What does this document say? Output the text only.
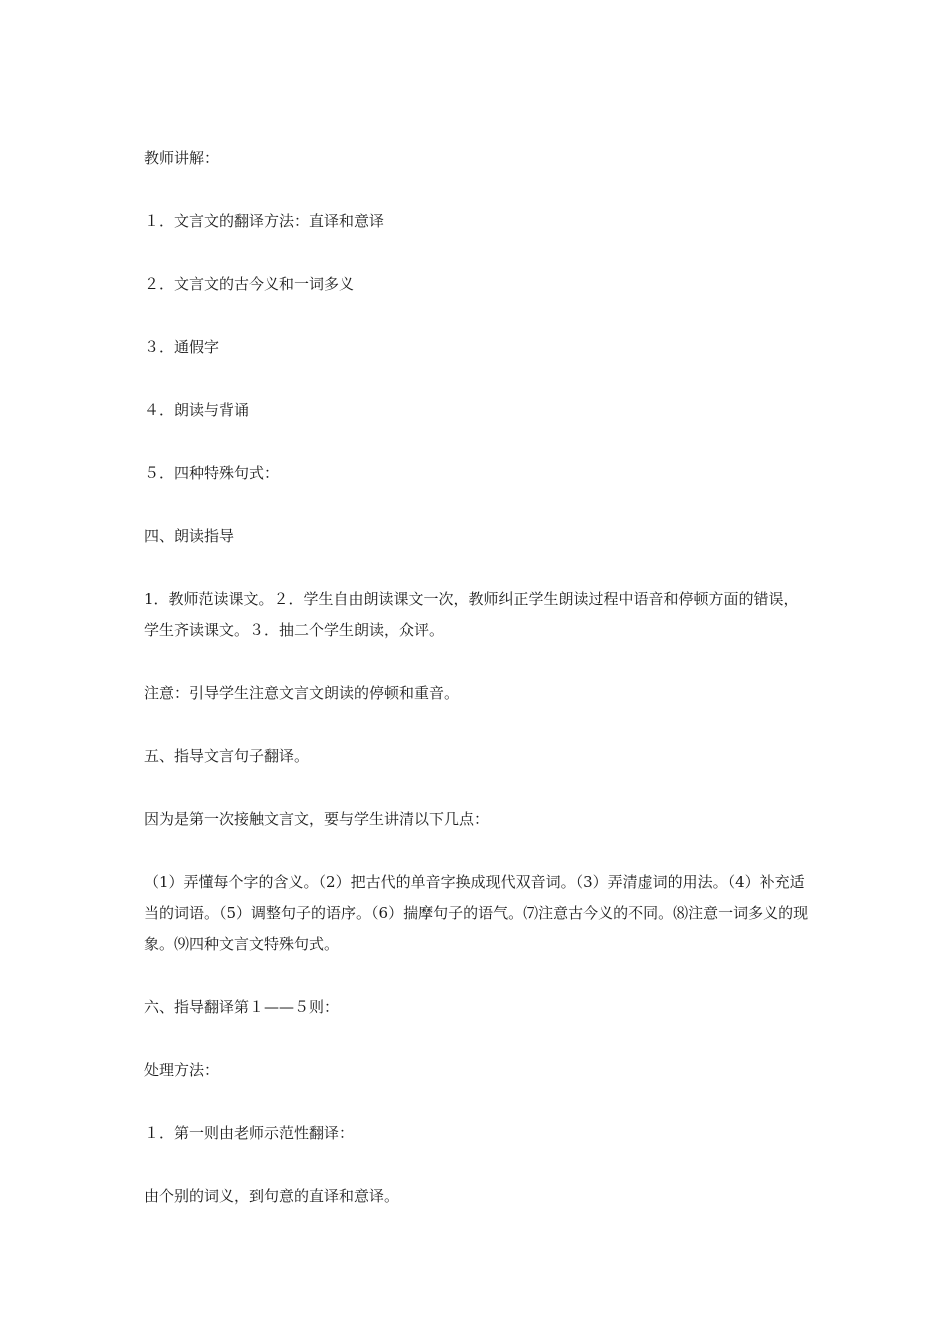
教师讲解：

１．文言文的翻译方法：直译和意译

２．文言文的古今义和一词多义

３．通假字

４．朗读与背诵

５．四种特殊句式：

四、朗读指导

1．教师范读课文。２．学生自由朗读课文一次，教师纠正学生朗读过程中语音和停顿方面的错误，学生齐读课文。３．抽二个学生朗读，众评。

注意：引导学生注意文言文朗读的停顿和重音。

五、指导文言句子翻译。

因为是第一次接触文言文，要与学生讲清以下几点：

（1）弄懂每个字的含义。（2）把古代的单音字换成现代双音词。（3）弄清虚词的用法。（4）补充适当的词语。（5）调整句子的语序。（6）揣摩句子的语气。⑺注意古今义的不同。⑻注意一词多义的现象。⑼四种文言文特殊句式。

六、指导翻译第１——５则：

处理方法：

１．第一则由老师示范性翻译：

由个别的词义，到句意的直译和意译。
